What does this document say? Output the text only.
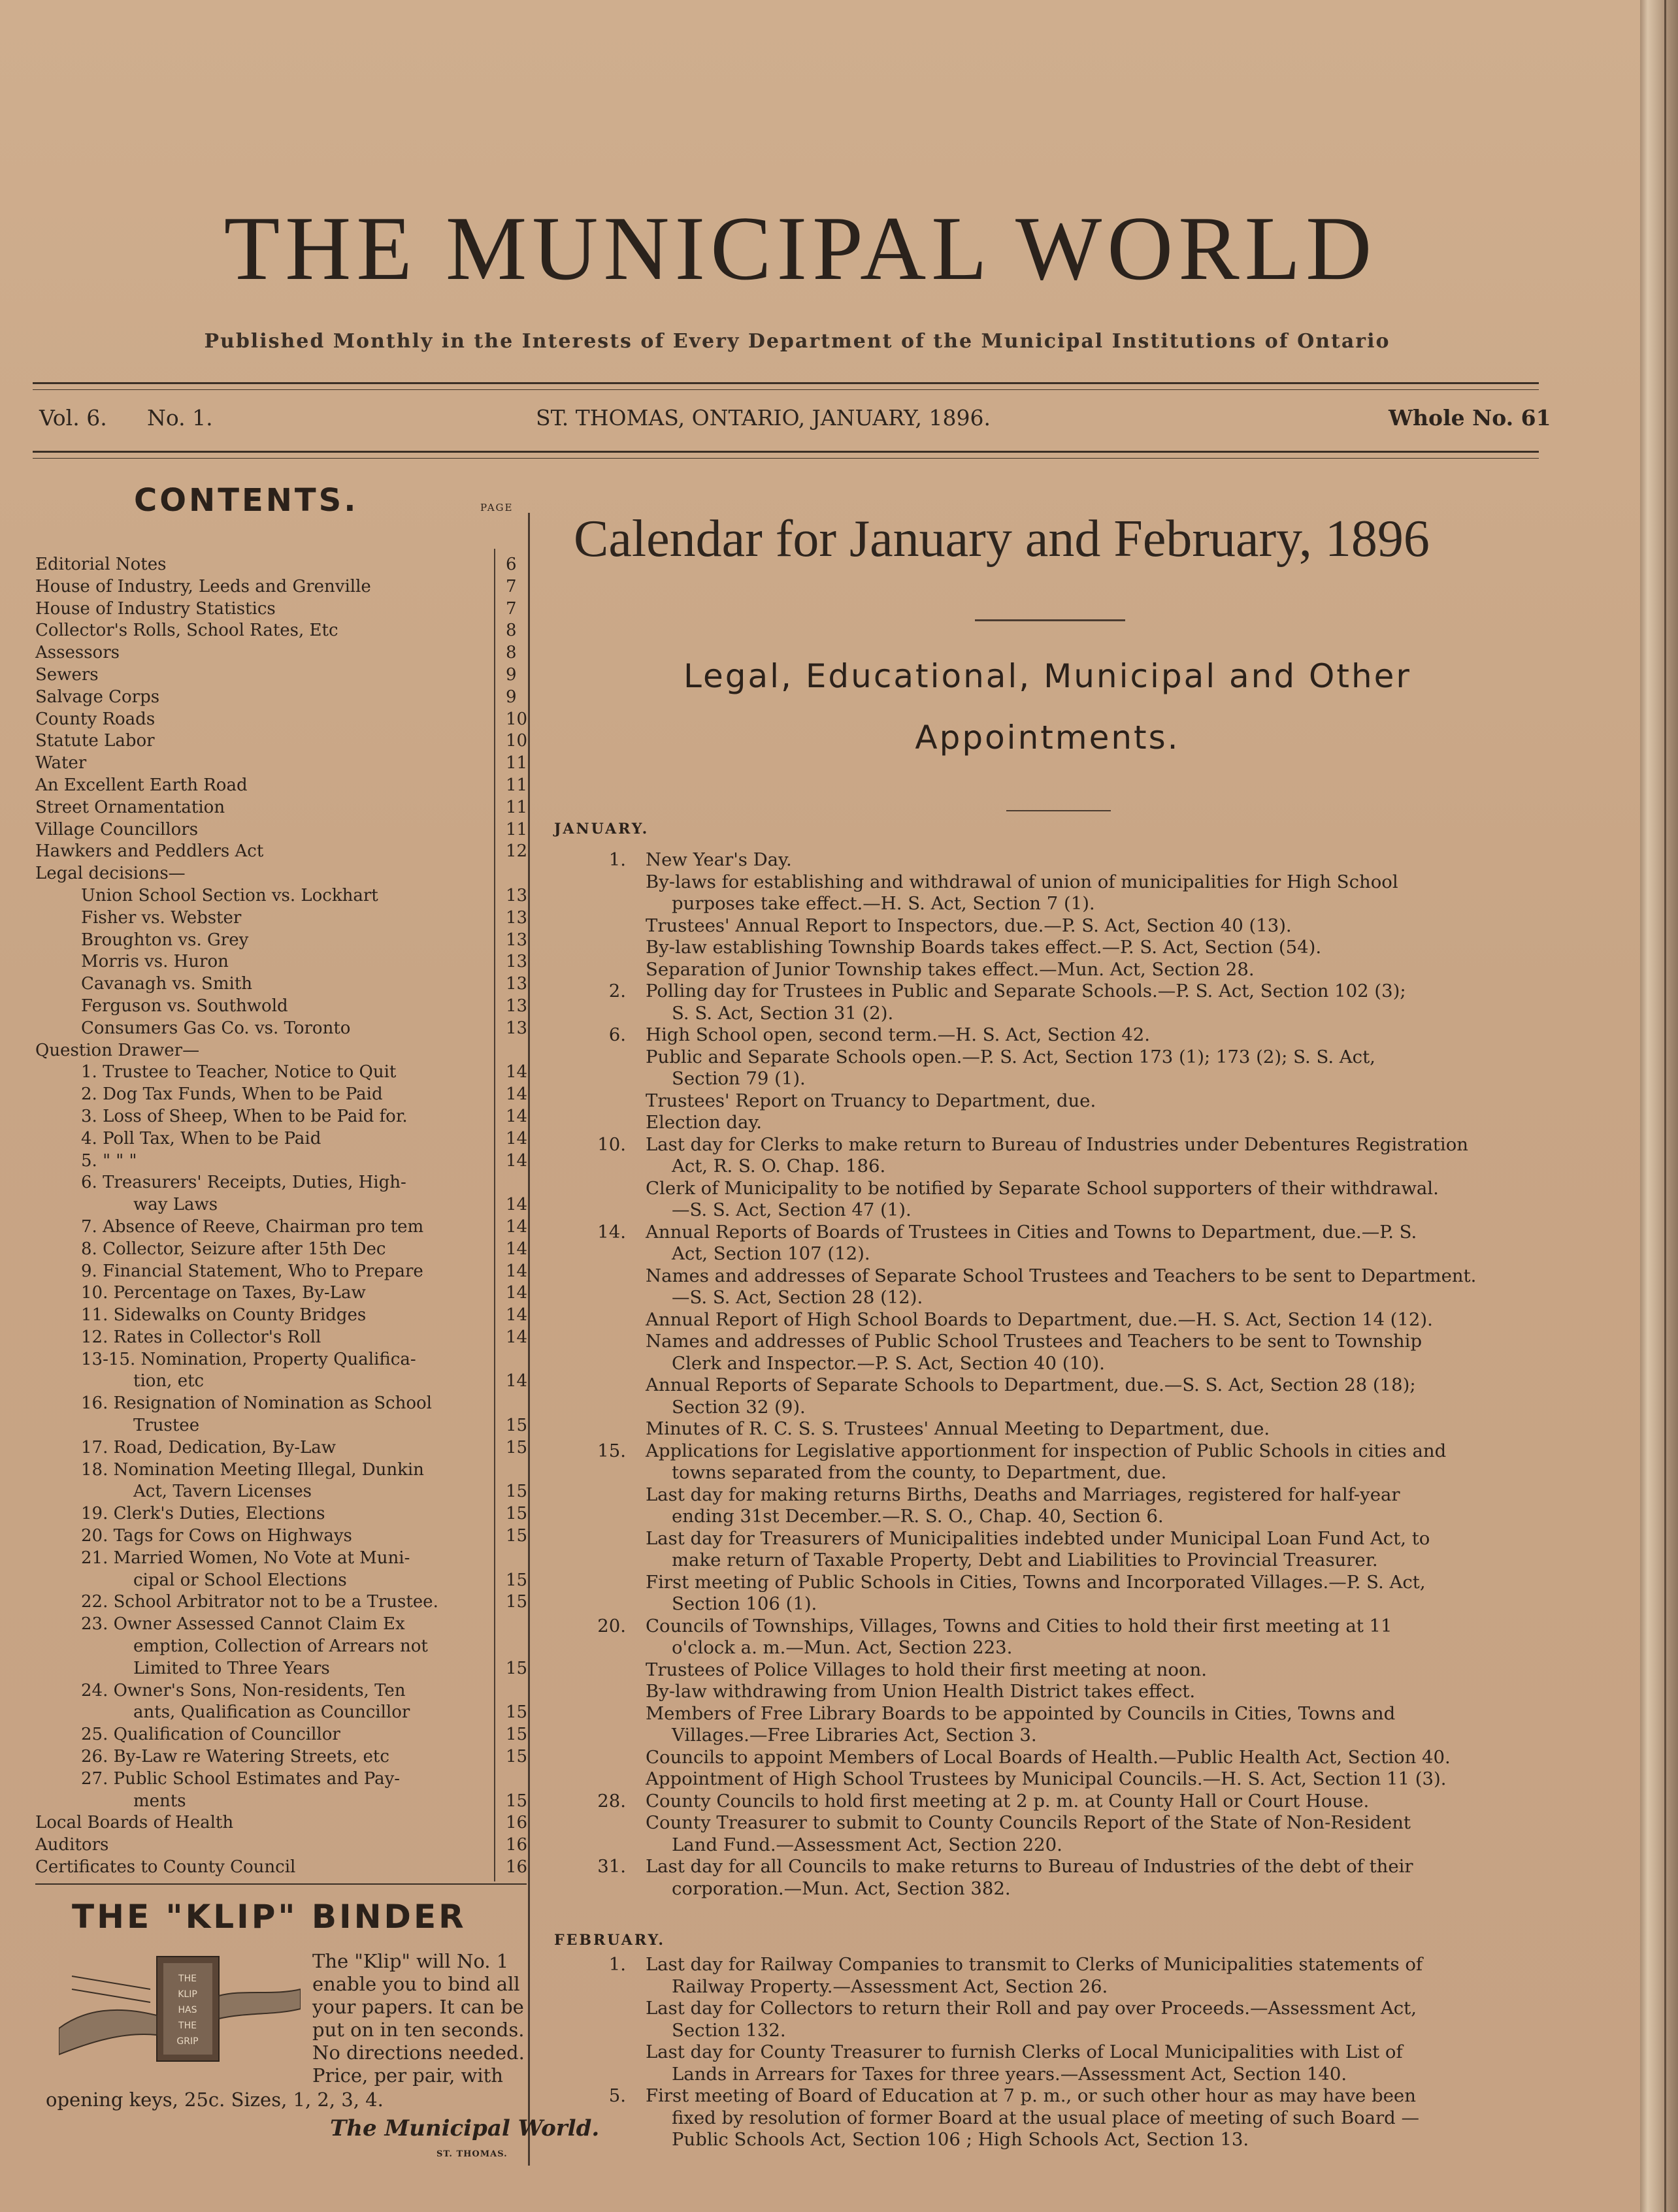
THE MUNICIPAL WORLD
Published Monthly in the Interests of Every Department of the Municipal Institutions of Ontario
Vol. 6. No. 1.	ST. THOMAS, ONTARIO, JANUARY, 1896.	Whole No. 61
CONTENTS.	PAGE
Editorial Notes	6
House of Industry, Leeds and Grenville	7
House of Industry Statistics	7
Collector's Rolls, School Rates, Etc	8
Assessors	8
Sewers	9
Salvage Corps	9
County Roads	10
Statute Labor	10
Water	11
An Excellent Earth Road	11
Street Ornamentation	11
Village Councillors	11
Hawkers and Peddlers Act	12
Legal decisions—
Union School Section vs. Lockhart	13
Fisher vs. Webster	13
Broughton vs. Grey	13
Morris vs. Huron	13
Cavanagh vs. Smith	13
Ferguson vs. Southwold	13
Consumers Gas Co. vs. Toronto	13
Question Drawer—
1. Trustee to Teacher, Notice to Quit	14
2. Dog Tax Funds, When to be Paid	14
3. Loss of Sheep, When to be Paid for.	14
4. Poll Tax, When to be Paid	14
5. " " "	14
6. Treasurers' Receipts, Duties, High-
way Laws	14
7. Absence of Reeve, Chairman pro tem	14
8. Collector, Seizure after 15th Dec	14
9. Financial Statement, Who to Prepare	14
10. Percentage on Taxes, By-Law	14
11. Sidewalks on County Bridges	14
12. Rates in Collector's Roll	14
13-15. Nomination, Property Qualifica-
tion, etc	14
16. Resignation of Nomination as School
Trustee	15
17. Road, Dedication, By-Law	15
18. Nomination Meeting Illegal, Dunkin
Act, Tavern Licenses	15
19. Clerk's Duties, Elections	15
20. Tags for Cows on Highways	15
21. Married Women, No Vote at Muni-
cipal or School Elections	15
22. School Arbitrator not to be a Trustee.	15
23. Owner Assessed Cannot Claim Ex
emption, Collection of Arrears not
Limited to Three Years	15
24. Owner's Sons, Non-residents, Ten
ants, Qualification as Councillor	15
25. Qualification of Councillor	15
26. By-Law re Watering Streets, etc	15
27. Public School Estimates and Pay-
ments	15
Local Boards of Health	16
Auditors	16
Certificates to County Council	16
THE "KLIP" BINDER
THE
KLIP
HAS
THE
GRIP
The "Klip" will No. 1
enable you to bind all
your papers. It can be
put on in ten seconds.
No directions needed.
Price, per pair, with
opening keys, 25c. Sizes, 1, 2, 3, 4.
The Municipal World.
ST. THOMAS.
Calendar for January and February, 1896
Legal, Educational, Municipal and Other
Appointments.
JANUARY.
1. New Year's Day.
By-laws for establishing and withdrawal of union of municipalities for High School
purposes take effect.—H. S. Act, Section 7 (1).
Trustees' Annual Report to Inspectors, due.—P. S. Act, Section 40 (13).
By-law establishing Township Boards takes effect.—P. S. Act, Section (54).
Separation of Junior Township takes effect.—Mun. Act, Section 28.
2. Polling day for Trustees in Public and Separate Schools.—P. S. Act, Section 102 (3);
S. S. Act, Section 31 (2).
6. High School open, second term.—H. S. Act, Section 42.
Public and Separate Schools open.—P. S. Act, Section 173 (1); 173 (2); S. S. Act,
Section 79 (1).
Trustees' Report on Truancy to Department, due.
Election day.
10. Last day for Clerks to make return to Bureau of Industries under Debentures Registration
Act, R. S. O. Chap. 186.
Clerk of Municipality to be notified by Separate School supporters of their withdrawal.
—S. S. Act, Section 47 (1).
14. Annual Reports of Boards of Trustees in Cities and Towns to Department, due.—P. S.
Act, Section 107 (12).
Names and addresses of Separate School Trustees and Teachers to be sent to Department.
—S. S. Act, Section 28 (12).
Annual Report of High School Boards to Department, due.—H. S. Act, Section 14 (12).
Names and addresses of Public School Trustees and Teachers to be sent to Township
Clerk and Inspector.—P. S. Act, Section 40 (10).
Annual Reports of Separate Schools to Department, due.—S. S. Act, Section 28 (18);
Section 32 (9).
Minutes of R. C. S. S. Trustees' Annual Meeting to Department, due.
15. Applications for Legislative apportionment for inspection of Public Schools in cities and
towns separated from the county, to Department, due.
Last day for making returns Births, Deaths and Marriages, registered for half-year
ending 31st December.—R. S. O., Chap. 40, Section 6.
Last day for Treasurers of Municipalities indebted under Municipal Loan Fund Act, to
make return of Taxable Property, Debt and Liabilities to Provincial Treasurer.
First meeting of Public Schools in Cities, Towns and Incorporated Villages.—P. S. Act,
Section 106 (1).
20. Councils of Townships, Villages, Towns and Cities to hold their first meeting at 11
o'clock a. m.—Mun. Act, Section 223.
Trustees of Police Villages to hold their first meeting at noon.
By-law withdrawing from Union Health District takes effect.
Members of Free Library Boards to be appointed by Councils in Cities, Towns and
Villages.—Free Libraries Act, Section 3.
Councils to appoint Members of Local Boards of Health.—Public Health Act, Section 40.
Appointment of High School Trustees by Municipal Councils.—H. S. Act, Section 11 (3).
28. County Councils to hold first meeting at 2 p. m. at County Hall or Court House.
County Treasurer to submit to County Councils Report of the State of Non-Resident
Land Fund.—Assessment Act, Section 220.
31. Last day for all Councils to make returns to Bureau of Industries of the debt of their
corporation.—Mun. Act, Section 382.
FEBRUARY.
1. Last day for Railway Companies to transmit to Clerks of Municipalities statements of
Railway Property.—Assessment Act, Section 26.
Last day for Collectors to return their Roll and pay over Proceeds.—Assessment Act,
Section 132.
Last day for County Treasurer to furnish Clerks of Local Municipalities with List of
Lands in Arrears for Taxes for three years.—Assessment Act, Section 140.
5. First meeting of Board of Education at 7 p. m., or such other hour as may have been
fixed by resolution of former Board at the usual place of meeting of such Board —
Public Schools Act, Section 106 ; High Schools Act, Section 13.
